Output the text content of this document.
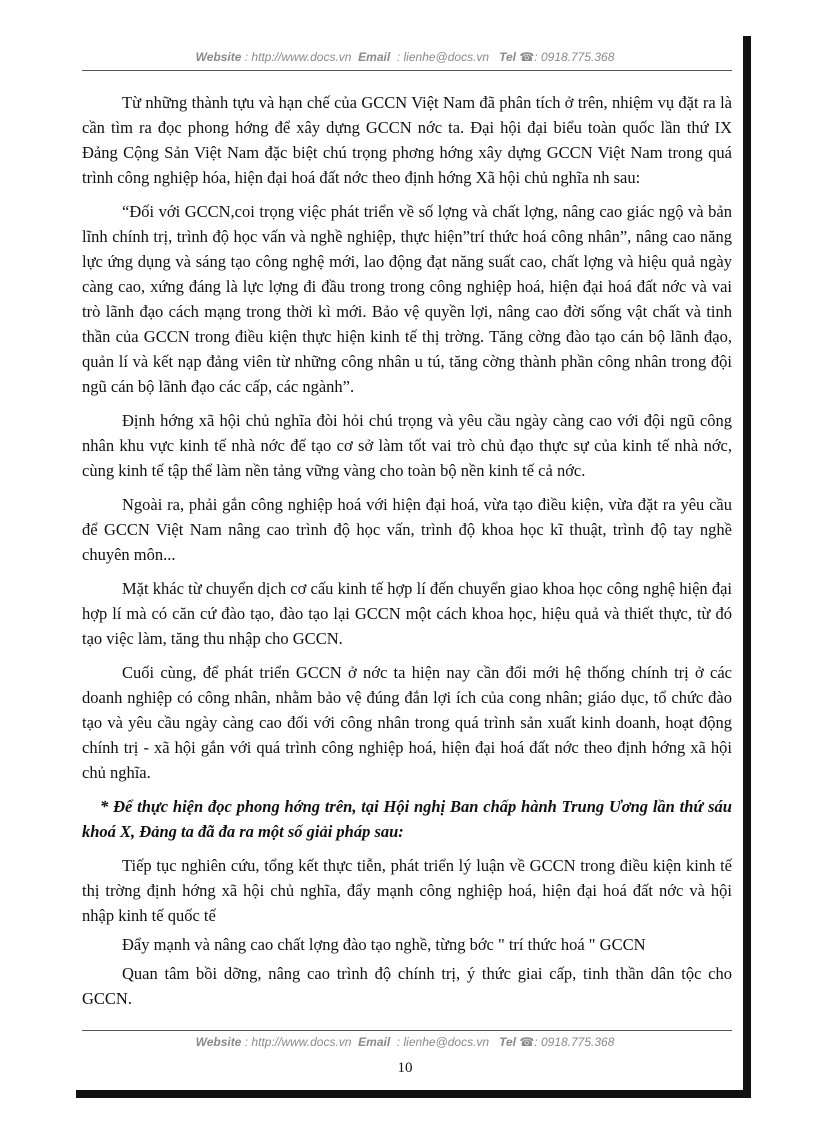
Website : http://www.docs.vn Email : lienhe@docs.vn Tel ☎: 0918.775.368

Từ những thành tựu và hạn chế của GCCN Việt Nam đã phân tích ở trên, nhiệm vụ đặt ra là cần tìm ra đọc phong hớng để xây dựng GCCN nớc ta. Đại hội đại biểu toàn quốc lần thứ IX Đảng Cộng Sản Việt Nam đặc biệt chú trọng phơng hớng xây dựng GCCN Việt Nam trong quá trình công nghiệp hóa, hiện đại hoá đất nớc theo định hớng Xã hội chủ nghĩa nh sau:

“Đối với GCCN,coi trọng việc phát triển về số lợng và chất lợng, nâng cao giác ngộ và bản lĩnh chính trị, trình độ học vấn và nghề nghiệp, thực hiện”trí thức hoá công nhân”, nâng cao năng lực ứng dụng và sáng tạo công nghệ mới, lao động đạt năng suất cao, chất lợng và hiệu quả ngày càng cao, xứng đáng là lực lợng đi đầu trong trong công nghiệp hoá, hiện đại hoá đất nớc và vai trò lãnh đạo cách mạng trong thời kì mới. Bảo vệ quyền lợi, nâng cao đời sống vật chất và tinh thần của GCCN trong điều kiện thực hiện kinh tế thị trờng. Tăng cờng đào tạo cán bộ lãnh đạo, quản lí và kết nạp đảng viên từ những công nhân u tú, tăng cờng thành phần công nhân trong đội ngũ cán bộ lãnh đạo các cấp, các ngành”.

Định hớng xã hội chủ nghĩa đòi hỏi chú trọng và yêu cầu ngày càng cao với đội ngũ công nhân khu vực kinh tế nhà nớc để tạo cơ sở làm tốt vai trò chủ đạo thực sự của kinh tế nhà nớc, cùng kinh tế tập thể làm nền tảng vững vàng cho toàn bộ nền kinh tế cả nớc.

Ngoài ra, phải gắn công nghiệp hoá với hiện đại hoá, vừa tạo điều kiện, vừa đặt ra yêu cầu để GCCN Việt Nam nâng cao trình độ học vấn, trình độ khoa học kĩ thuật, trình độ tay nghề chuyên môn...

Mặt khác từ chuyển dịch cơ cấu kinh tế hợp lí đến chuyển giao khoa học công nghệ hiện đại hợp lí mà có căn cứ đào tạo, đào tạo lại GCCN một cách khoa học, hiệu quả và thiết thực, từ đó tạo việc làm, tăng thu nhập cho GCCN.

Cuối cùng, để phát triển GCCN ở nớc ta hiện nay cần đổi mới hệ thống chính trị ở các doanh nghiệp có công nhân, nhằm bảo vệ đúng đắn lợi ích của cong nhân; giáo dục, tổ chức đào tạo và yêu cầu ngày càng cao đối với công nhân trong quá trình sản xuất kinh doanh, hoạt động chính trị - xã hội gắn với quá trình công nghiệp hoá, hiện đại hoá đất nớc theo định hớng xã hội chủ nghĩa.

* Để thực hiện đọc phong hớng trên, tại Hội nghị Ban chấp hành Trung Ương lần thứ sáu khoá X, Đảng ta đã đa ra một số giải pháp sau:

Tiếp tục nghiên cứu, tổng kết thực tiễn, phát triển lý luận về GCCN trong điều kiện kinh tế thị trờng định hớng xã hội chủ nghĩa, đẩy mạnh công nghiệp hoá, hiện đại hoá đất nớc và hội nhập kinh tế quốc tế

Đẩy mạnh và nâng cao chất lợng đào tạo nghề, từng bớc " trí thức hoá " GCCN

Quan tâm bồi dỡng, nâng cao trình độ chính trị, ý thức giai cấp, tinh thần dân tộc cho GCCN.

Website : http://www.docs.vn Email : lienhe@docs.vn Tel ☎: 0918.775.368
10
